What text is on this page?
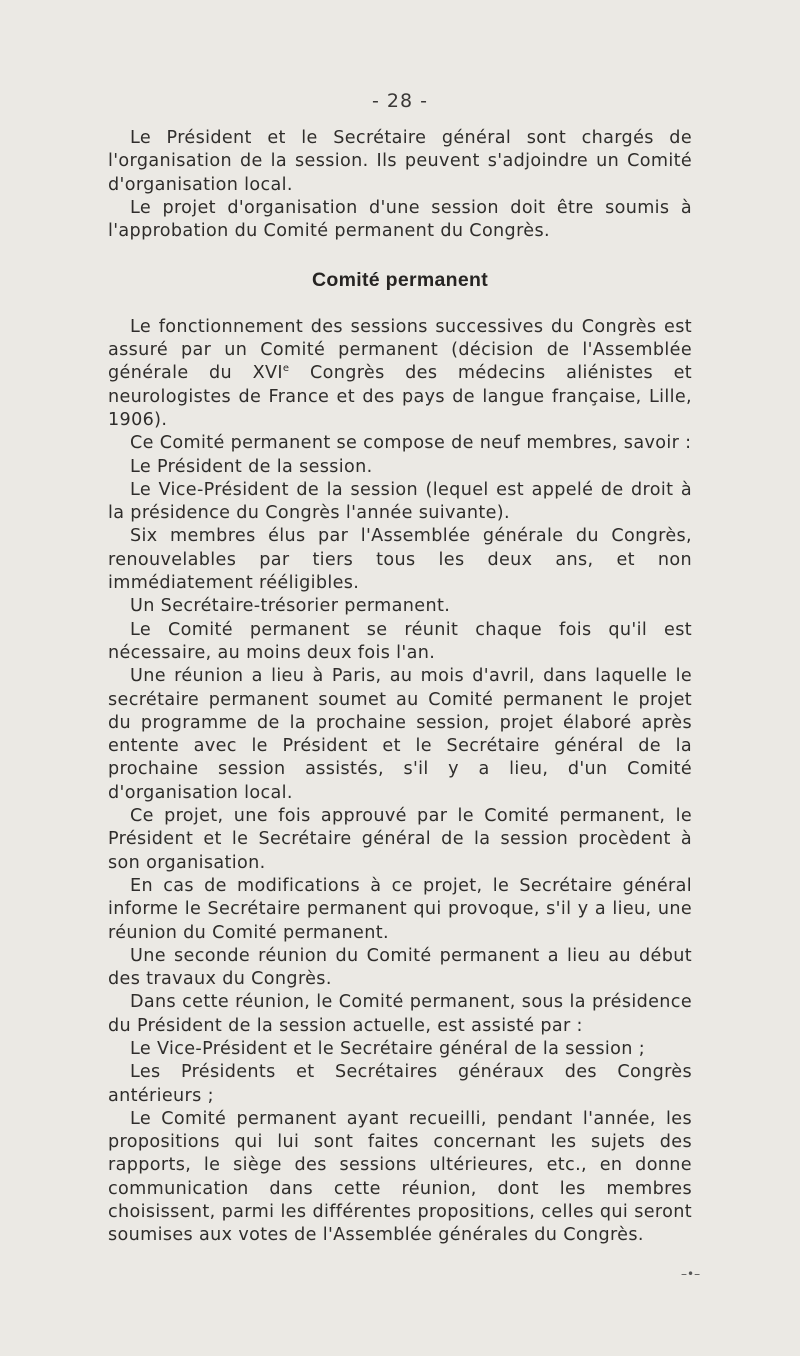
- 28 -

Le Président et le Secrétaire général sont chargés de l'organisation de la session. Ils peuvent s'adjoindre un Comité d'organisation local.

Le projet d'organisation d'une session doit être soumis à l'approbation du Comité permanent du Congrès.

Comité permanent

Le fonctionnement des sessions successives du Congrès est assuré par un Comité permanent (décision de l'Assemblée générale du XVIe Congrès des médecins aliénistes et neurologistes de France et des pays de langue française, Lille, 1906).

Ce Comité permanent se compose de neuf membres, savoir :

Le Président de la session.

Le Vice-Président de la session (lequel est appelé de droit à la présidence du Congrès l'année suivante).

Six membres élus par l'Assemblée générale du Congrès, renouvelables par tiers tous les deux ans, et non immédiatement rééligibles.

Un Secrétaire-trésorier permanent.

Le Comité permanent se réunit chaque fois qu'il est nécessaire, au moins deux fois l'an.

Une réunion a lieu à Paris, au mois d'avril, dans laquelle le secrétaire permanent soumet au Comité permanent le projet du programme de la prochaine session, projet élaboré après entente avec le Président et le Secrétaire général de la prochaine session assistés, s'il y a lieu, d'un Comité d'organisation local.

Ce projet, une fois approuvé par le Comité permanent, le Président et le Secrétaire général de la session procèdent à son organisation.

En cas de modifications à ce projet, le Secrétaire général informe le Secrétaire permanent qui provoque, s'il y a lieu, une réunion du Comité permanent.

Une seconde réunion du Comité permanent a lieu au début des travaux du Congrès.

Dans cette réunion, le Comité permanent, sous la présidence du Président de la session actuelle, est assisté par :

Le Vice-Président et le Secrétaire général de la session ;

Les Présidents et Secrétaires généraux des Congrès antérieurs ;

Le Comité permanent ayant recueilli, pendant l'année, les propositions qui lui sont faites concernant les sujets des rapports, le siège des sessions ultérieures, etc., en donne communication dans cette réunion, dont les membres choisissent, parmi les différentes propositions, celles qui seront soumises aux votes de l'Assemblée générales du Congrès.

–•–
